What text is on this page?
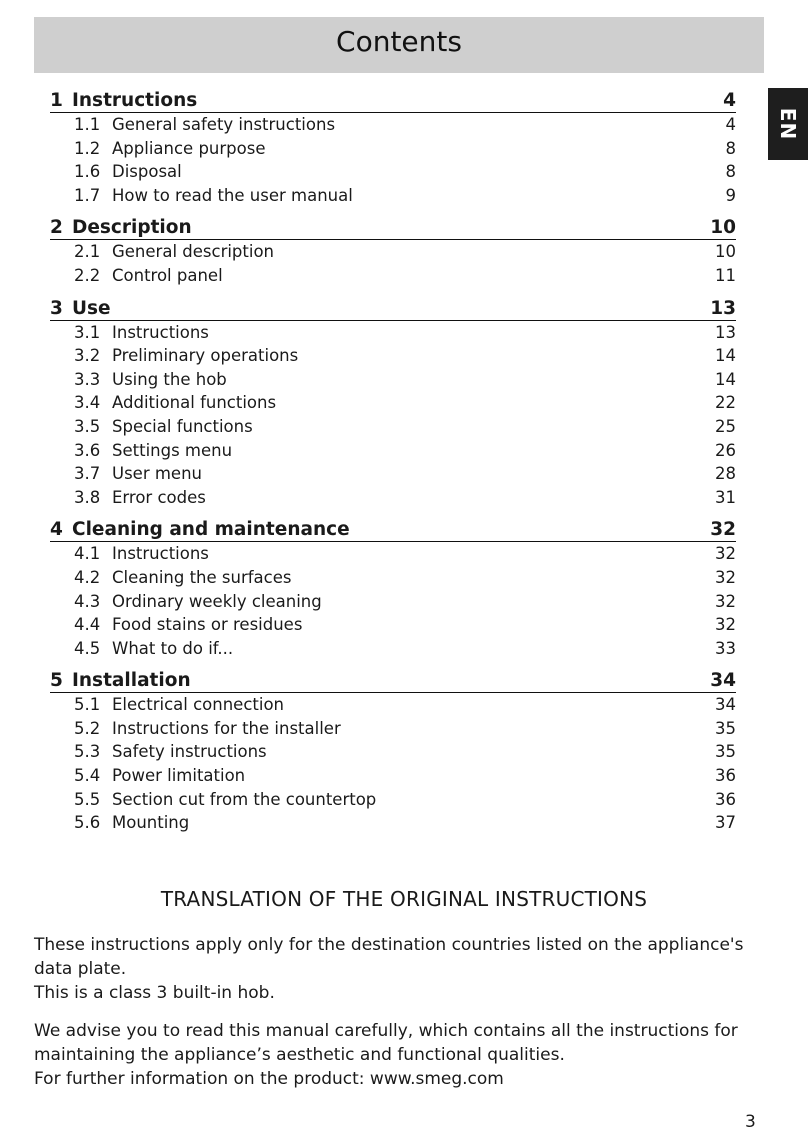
Contents
EN
1 Instructions	4
1.1 General safety instructions	4
1.2 Appliance purpose	8
1.6 Disposal	8
1.7 How to read the user manual	9
2 Description	10
2.1 General description	10
2.2 Control panel	11
3 Use	13
3.1 Instructions	13
3.2 Preliminary operations	14
3.3 Using the hob	14
3.4 Additional functions	22
3.5 Special functions	25
3.6 Settings menu	26
3.7 User menu	28
3.8 Error codes	31
4 Cleaning and maintenance	32
4.1 Instructions	32
4.2 Cleaning the surfaces	32
4.3 Ordinary weekly cleaning	32
4.4 Food stains or residues	32
4.5 What to do if...	33
5 Installation	34
5.1 Electrical connection	34
5.2 Instructions for the installer	35
5.3 Safety instructions	35
5.4 Power limitation	36
5.5 Section cut from the countertop	36
5.6 Mounting	37
TRANSLATION OF THE ORIGINAL INSTRUCTIONS

These instructions apply only for the destination countries listed on the appliance's data plate.

This is a class 3 built-in hob.

We advise you to read this manual carefully, which contains all the instructions for maintaining the appliance’s aesthetic and functional qualities.

For further information on the product: www.smeg.com

3
